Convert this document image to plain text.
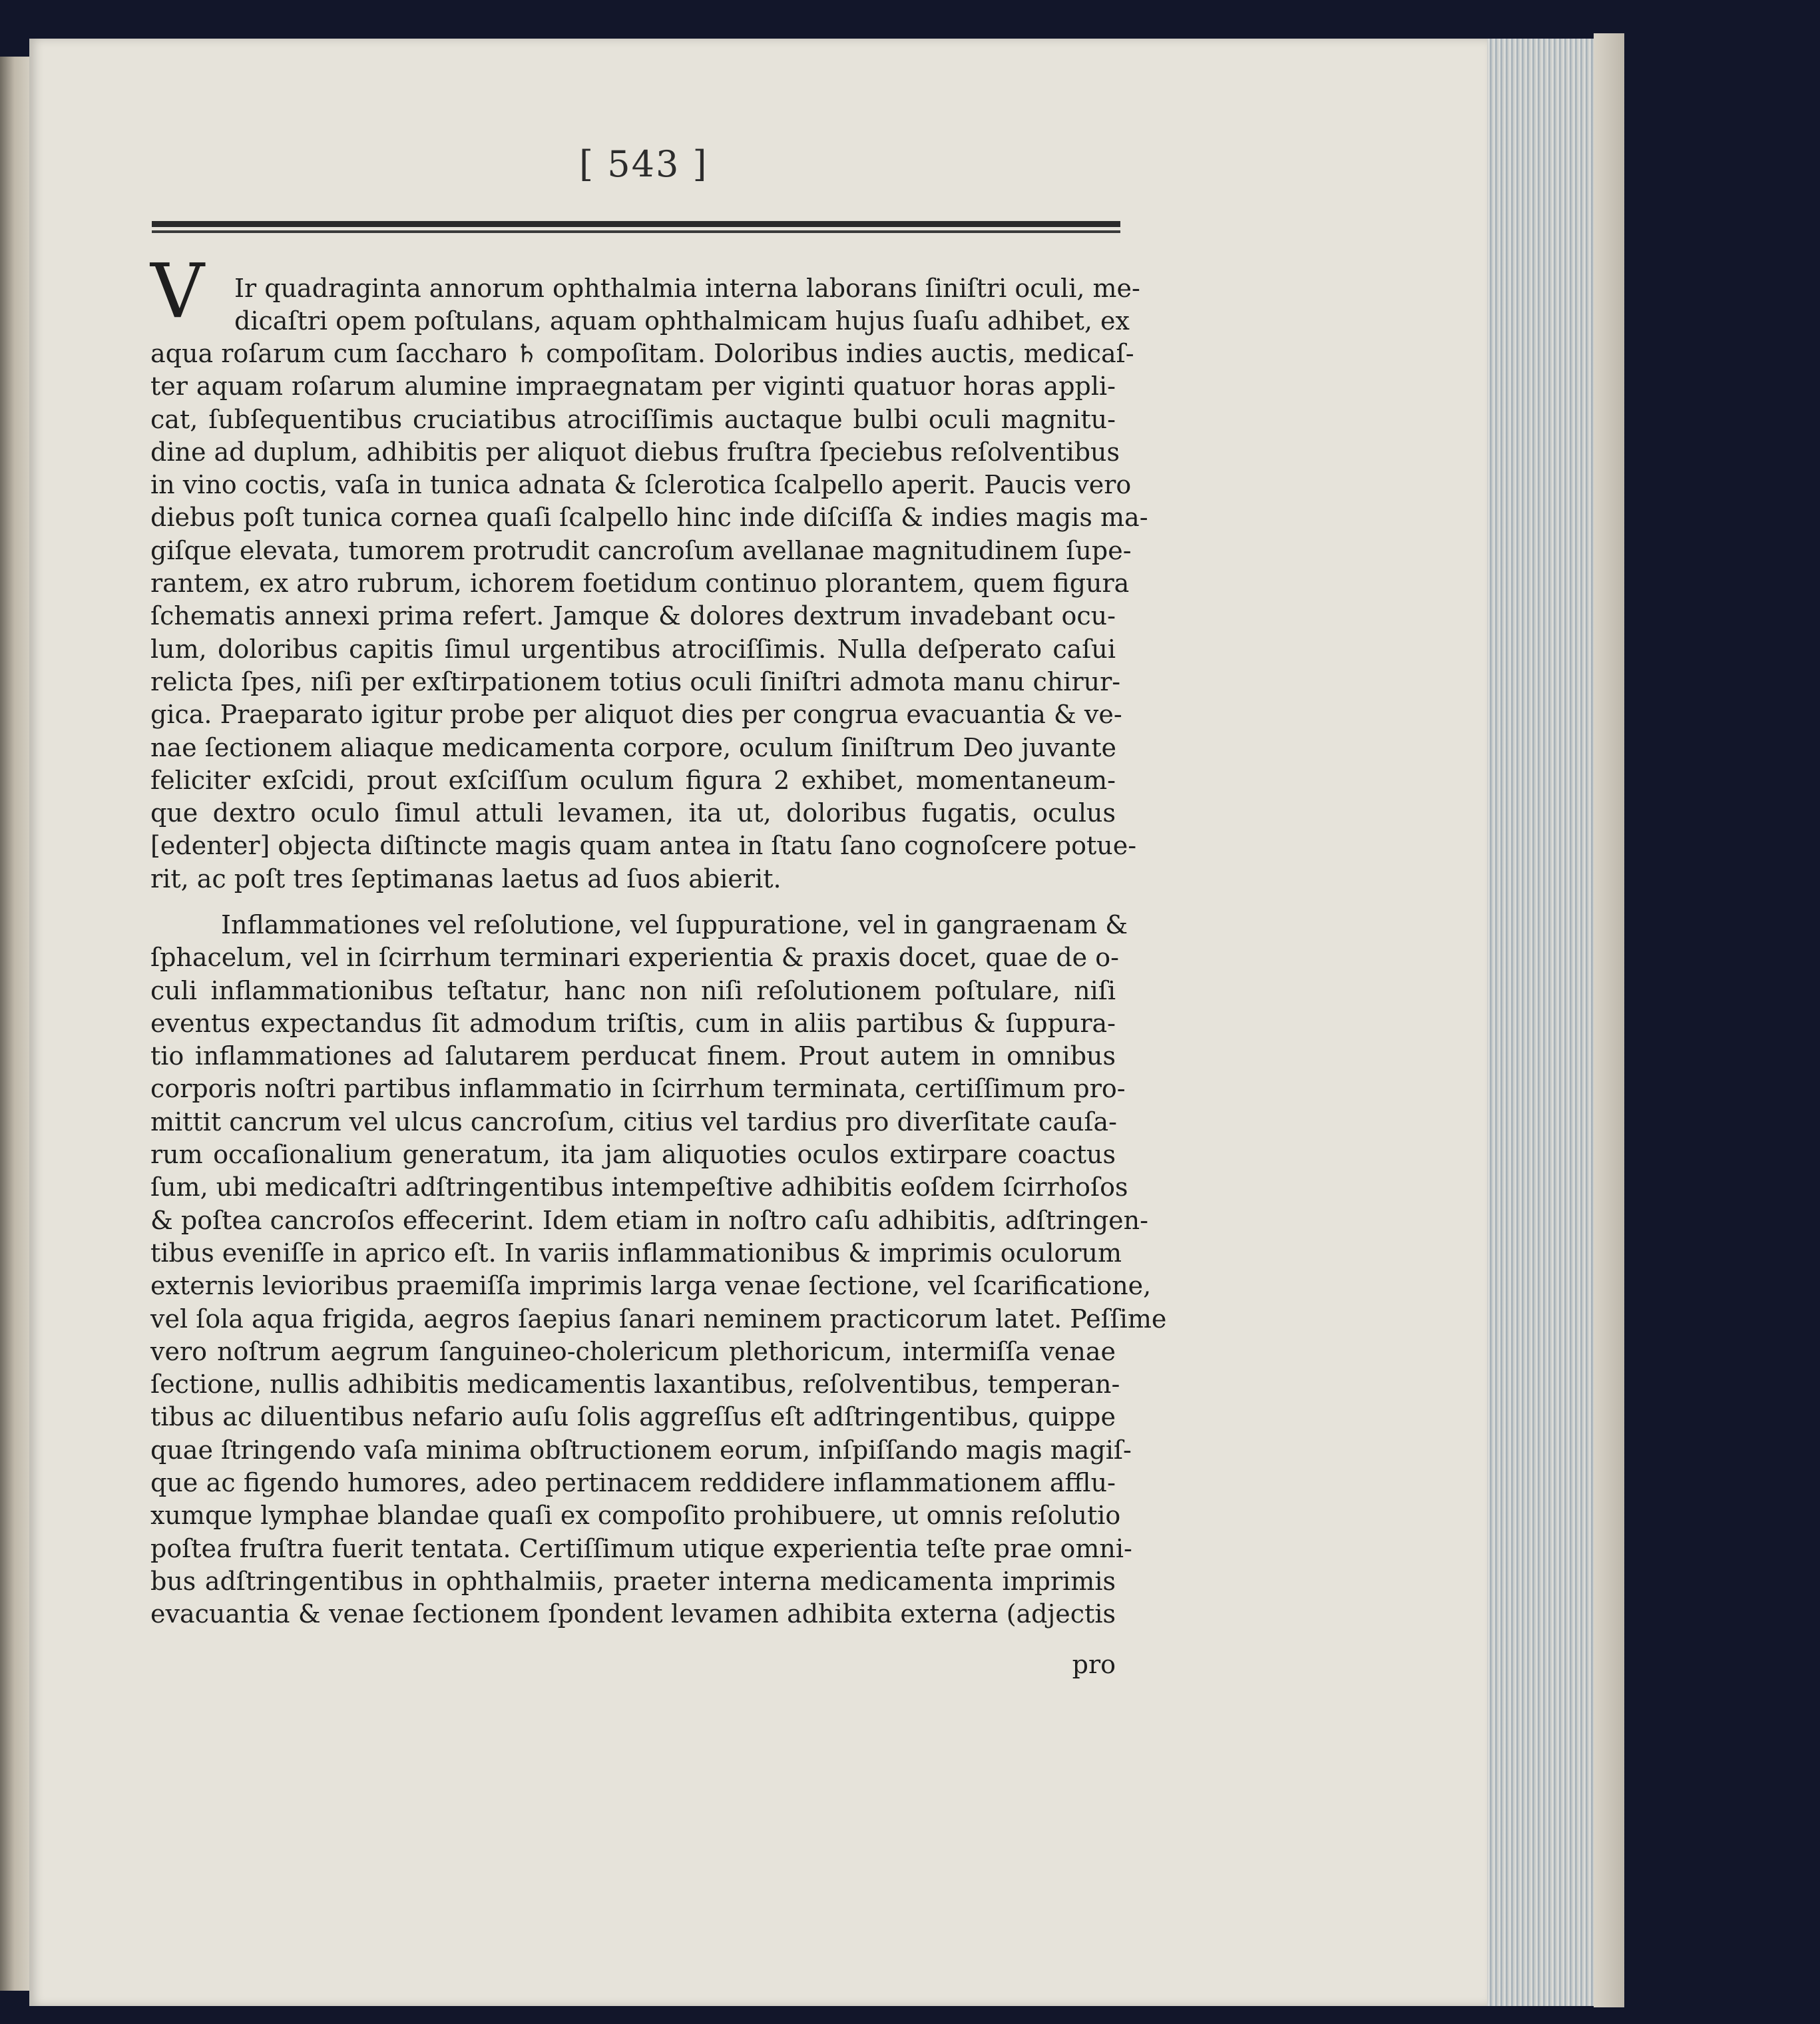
[ 543 ]
V Ir quadraginta annorum ophthalmia interna laborans ſiniſtri oculi, me-
dicaſtri opem poſtulans, aquam ophthalmicam hujus ſuaſu adhibet, ex
aqua roſarum cum ſaccharo ♄ compoſitam. Doloribus indies auctis, medicaſ-
ter aquam roſarum alumine impraegnatam per viginti quatuor horas appli-
cat, ſubſequentibus cruciatibus atrociſſimis auctaque bulbi oculi magnitu-
dine ad duplum, adhibitis per aliquot diebus fruſtra ſpeciebus reſolventibus
in vino coctis, vaſa in tunica adnata & ſclerotica ſcalpello aperit. Paucis vero
diebus poſt tunica cornea quaſi ſcalpello hinc inde diſciſſa & indies magis ma-
giſque elevata, tumorem protrudit cancroſum avellanae magnitudinem ſupe-
rantem, ex atro rubrum, ichorem foetidum continuo plorantem, quem figura
ſchematis annexi prima refert. Jamque & dolores dextrum invadebant ocu-
lum, doloribus capitis ſimul urgentibus atrociſſimis. Nulla deſperato caſui
relicta ſpes, niſi per exſtirpationem totius oculi ſiniſtri admota manu chirur-
gica. Praeparato igitur probe per aliquot dies per congrua evacuantia & ve-
nae ſectionem aliaque medicamenta corpore, oculum ſiniſtrum Deo juvante
feliciter exſcidi, prout exſciſſum oculum figura 2 exhibet, momentaneum-
que dextro oculo ſimul attuli levamen, ita ut, doloribus fugatis, oculus
[edenter] objecta diſtincte magis quam antea in ſtatu ſano cognoſcere potue-
rit, ac poſt tres ſeptimanas laetus ad ſuos abierit.
Inflammationes vel reſolutione, vel ſuppuratione, vel in gangraenam &
ſphacelum, vel in ſcirrhum terminari experientia & praxis docet, quae de o-
culi inflammationibus teſtatur, hanc non niſi reſolutionem poſtulare, niſi
eventus expectandus ſit admodum triſtis, cum in aliis partibus & ſuppura-
tio inflammationes ad ſalutarem perducat finem. Prout autem in omnibus
corporis noſtri partibus inflammatio in ſcirrhum terminata, certiſſimum pro-
mittit cancrum vel ulcus cancroſum, citius vel tardius pro diverſitate cauſa-
rum occaſionalium generatum, ita jam aliquoties oculos extirpare coactus
ſum, ubi medicaſtri adſtringentibus intempeſtive adhibitis eoſdem ſcirrhoſos
& poſtea cancroſos effecerint. Idem etiam in noſtro caſu adhibitis, adſtringen-
tibus eveniſſe in aprico eſt. In variis inflammationibus & imprimis oculorum
externis levioribus praemiſſa imprimis larga venae ſectione, vel ſcarificatione,
vel ſola aqua frigida, aegros ſaepius ſanari neminem practicorum latet. Peſſime
vero noſtrum aegrum ſanguineo-cholericum plethoricum, intermiſſa venae
ſectione, nullis adhibitis medicamentis laxantibus, reſolventibus, temperan-
tibus ac diluentibus nefario auſu ſolis aggreſſus eſt adſtringentibus, quippe
quae ſtringendo vaſa minima obſtructionem eorum, inſpiſſando magis magiſ-
que ac figendo humores, adeo pertinacem reddidere inflammationem afflu-
xumque lymphae blandae quaſi ex compoſito prohibuere, ut omnis reſolutio
poſtea fruſtra fuerit tentata. Certiſſimum utique experientia teſte prae omni-
bus adſtringentibus in ophthalmiis, praeter interna medicamenta imprimis
evacuantia & venae ſectionem ſpondent levamen adhibita externa (adjectis
pro
